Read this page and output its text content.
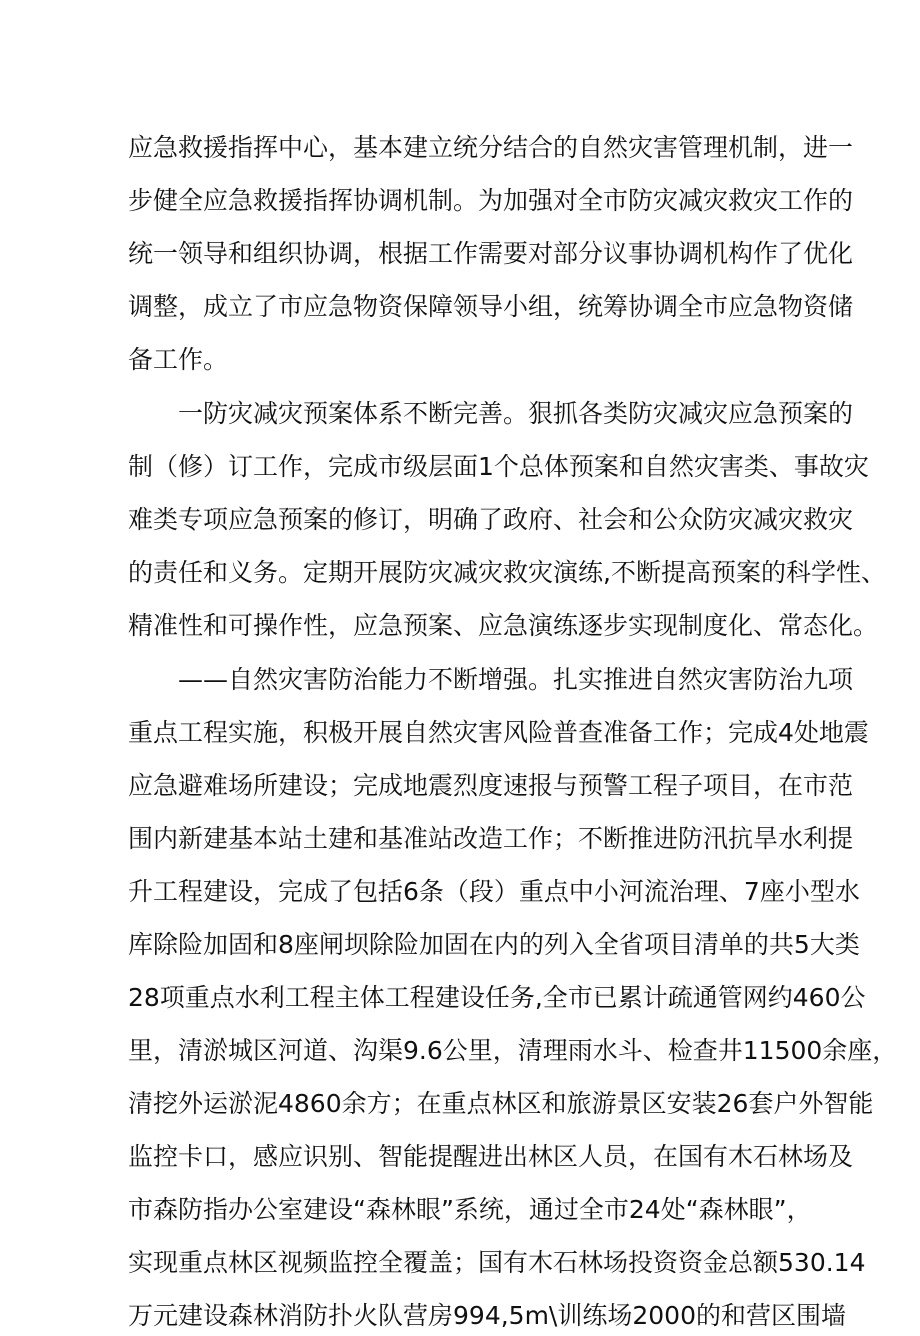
应急救援指挥中心，基本建立统分结合的自然灾害管理机制，进一
步健全应急救援指挥协调机制。为加强对全市防灾减灾救灾工作的
统一领导和组织协调，根据工作需要对部分议事协调机构作了优化
调整，成立了市应急物资保障领导小组，统筹协调全市应急物资储
备工作。
一防灾减灾预案体系不断完善。狠抓各类防灾减灾应急预案的
制（修）订工作，完成市级层面1个总体预案和自然灾害类、事故灾
难类专项应急预案的修订，明确了政府、社会和公众防灾减灾救灾
的责任和义务。定期开展防灾减灾救灾演练,不断提高预案的科学性、
精准性和可操作性，应急预案、应急演练逐步实现制度化、常态化。
——自然灾害防治能力不断增强。扎实推进自然灾害防治九项
重点工程实施，积极开展自然灾害风险普查准备工作；完成4处地震
应急避难场所建设；完成地震烈度速报与预警工程子项目，在市范
围内新建基本站土建和基准站改造工作；不断推进防汛抗旱水利提
升工程建设，完成了包括6条（段）重点中小河流治理、7座小型水
库除险加固和8座闸坝除险加固在内的列入全省项目清单的共5大类
28项重点水利工程主体工程建设任务,全市已累计疏通管网约460公
里，清淤城区河道、沟渠9.6公里，清理雨水斗、检查井11500余座，
清挖外运淤泥4860余方；在重点林区和旅游景区安装26套户外智能
监控卡口，感应识别、智能提醒进出林区人员，在国有木石林场及
市森防指办公室建设“森林眼”系统，通过全市24处“森林眼”，
实现重点林区视频监控全覆盖；国有木石林场投资资金总额530.14
万元建设森林消防扑火队营房994,5m\训练场2000的和营区围墙
